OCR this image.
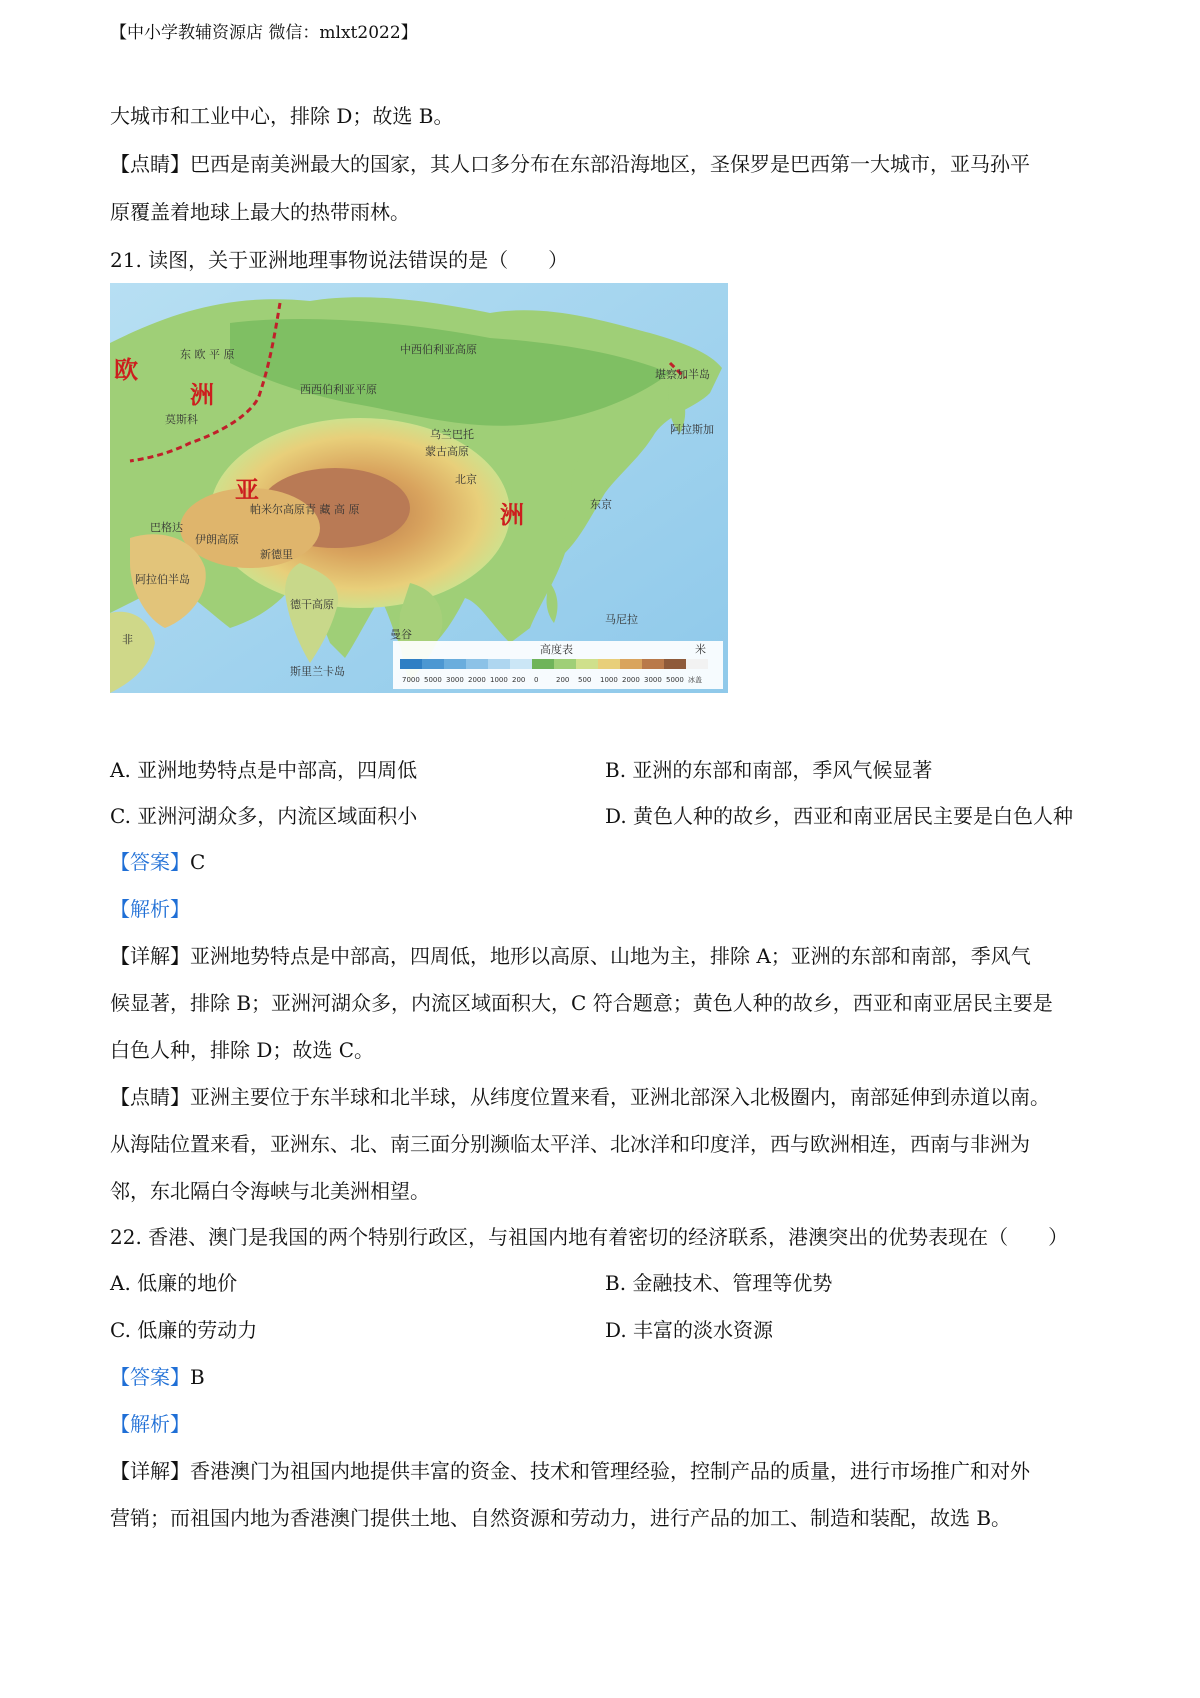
【中小学教辅资源店 微信：mlxt2022】
大城市和工业中心，排除 D；故选 B。
【点睛】巴西是南美洲最大的国家，其人口多分布在东部沿海地区，圣保罗是巴西第一大城市，亚马孙平
原覆盖着地球上最大的热带雨林。
21. 读图，关于亚洲地理事物说法错误的是（　　）
欧
洲
亚
洲
东 欧 平 原
西西伯利亚平原
中西伯利亚高原
乌兰巴托
蒙古高原
北京
帕米尔高原
伊朗高原
青 藏 高 原
德干高原
阿拉伯半岛
巴格达
新德里
曼谷
马尼拉
莫斯科
东京
斯里兰卡岛
非
阿拉斯加
堪察加半岛
高度表	米
7000 5000 3000 2000 1000 200 0	200 500 1000 2000 3000 5000 冰盖
A. 亚洲地势特点是中部高，四周低	B. 亚洲的东部和南部，季风气候显著
C. 亚洲河湖众多，内流区域面积小	D. 黄色人种的故乡，西亚和南亚居民主要是白色人种
【答案】C
【解析】
【详解】亚洲地势特点是中部高，四周低，地形以高原、山地为主，排除 A；亚洲的东部和南部，季风气
候显著，排除 B；亚洲河湖众多，内流区域面积大，C 符合题意；黄色人种的故乡，西亚和南亚居民主要是
白色人种，排除 D；故选 C。
【点睛】亚洲主要位于东半球和北半球，从纬度位置来看，亚洲北部深入北极圈内，南部延伸到赤道以南。
从海陆位置来看，亚洲东、北、南三面分别濒临太平洋、北冰洋和印度洋，西与欧洲相连，西南与非洲为
邻，东北隔白令海峡与北美洲相望。
22. 香港、澳门是我国的两个特别行政区，与祖国内地有着密切的经济联系，港澳突出的优势表现在（　　）
A. 低廉的地价	B. 金融技术、管理等优势
C. 低廉的劳动力	D. 丰富的淡水资源
【答案】B
【解析】
【详解】香港澳门为祖国内地提供丰富的资金、技术和管理经验，控制产品的质量，进行市场推广和对外
营销；而祖国内地为香港澳门提供土地、自然资源和劳动力，进行产品的加工、制造和装配，故选 B。
